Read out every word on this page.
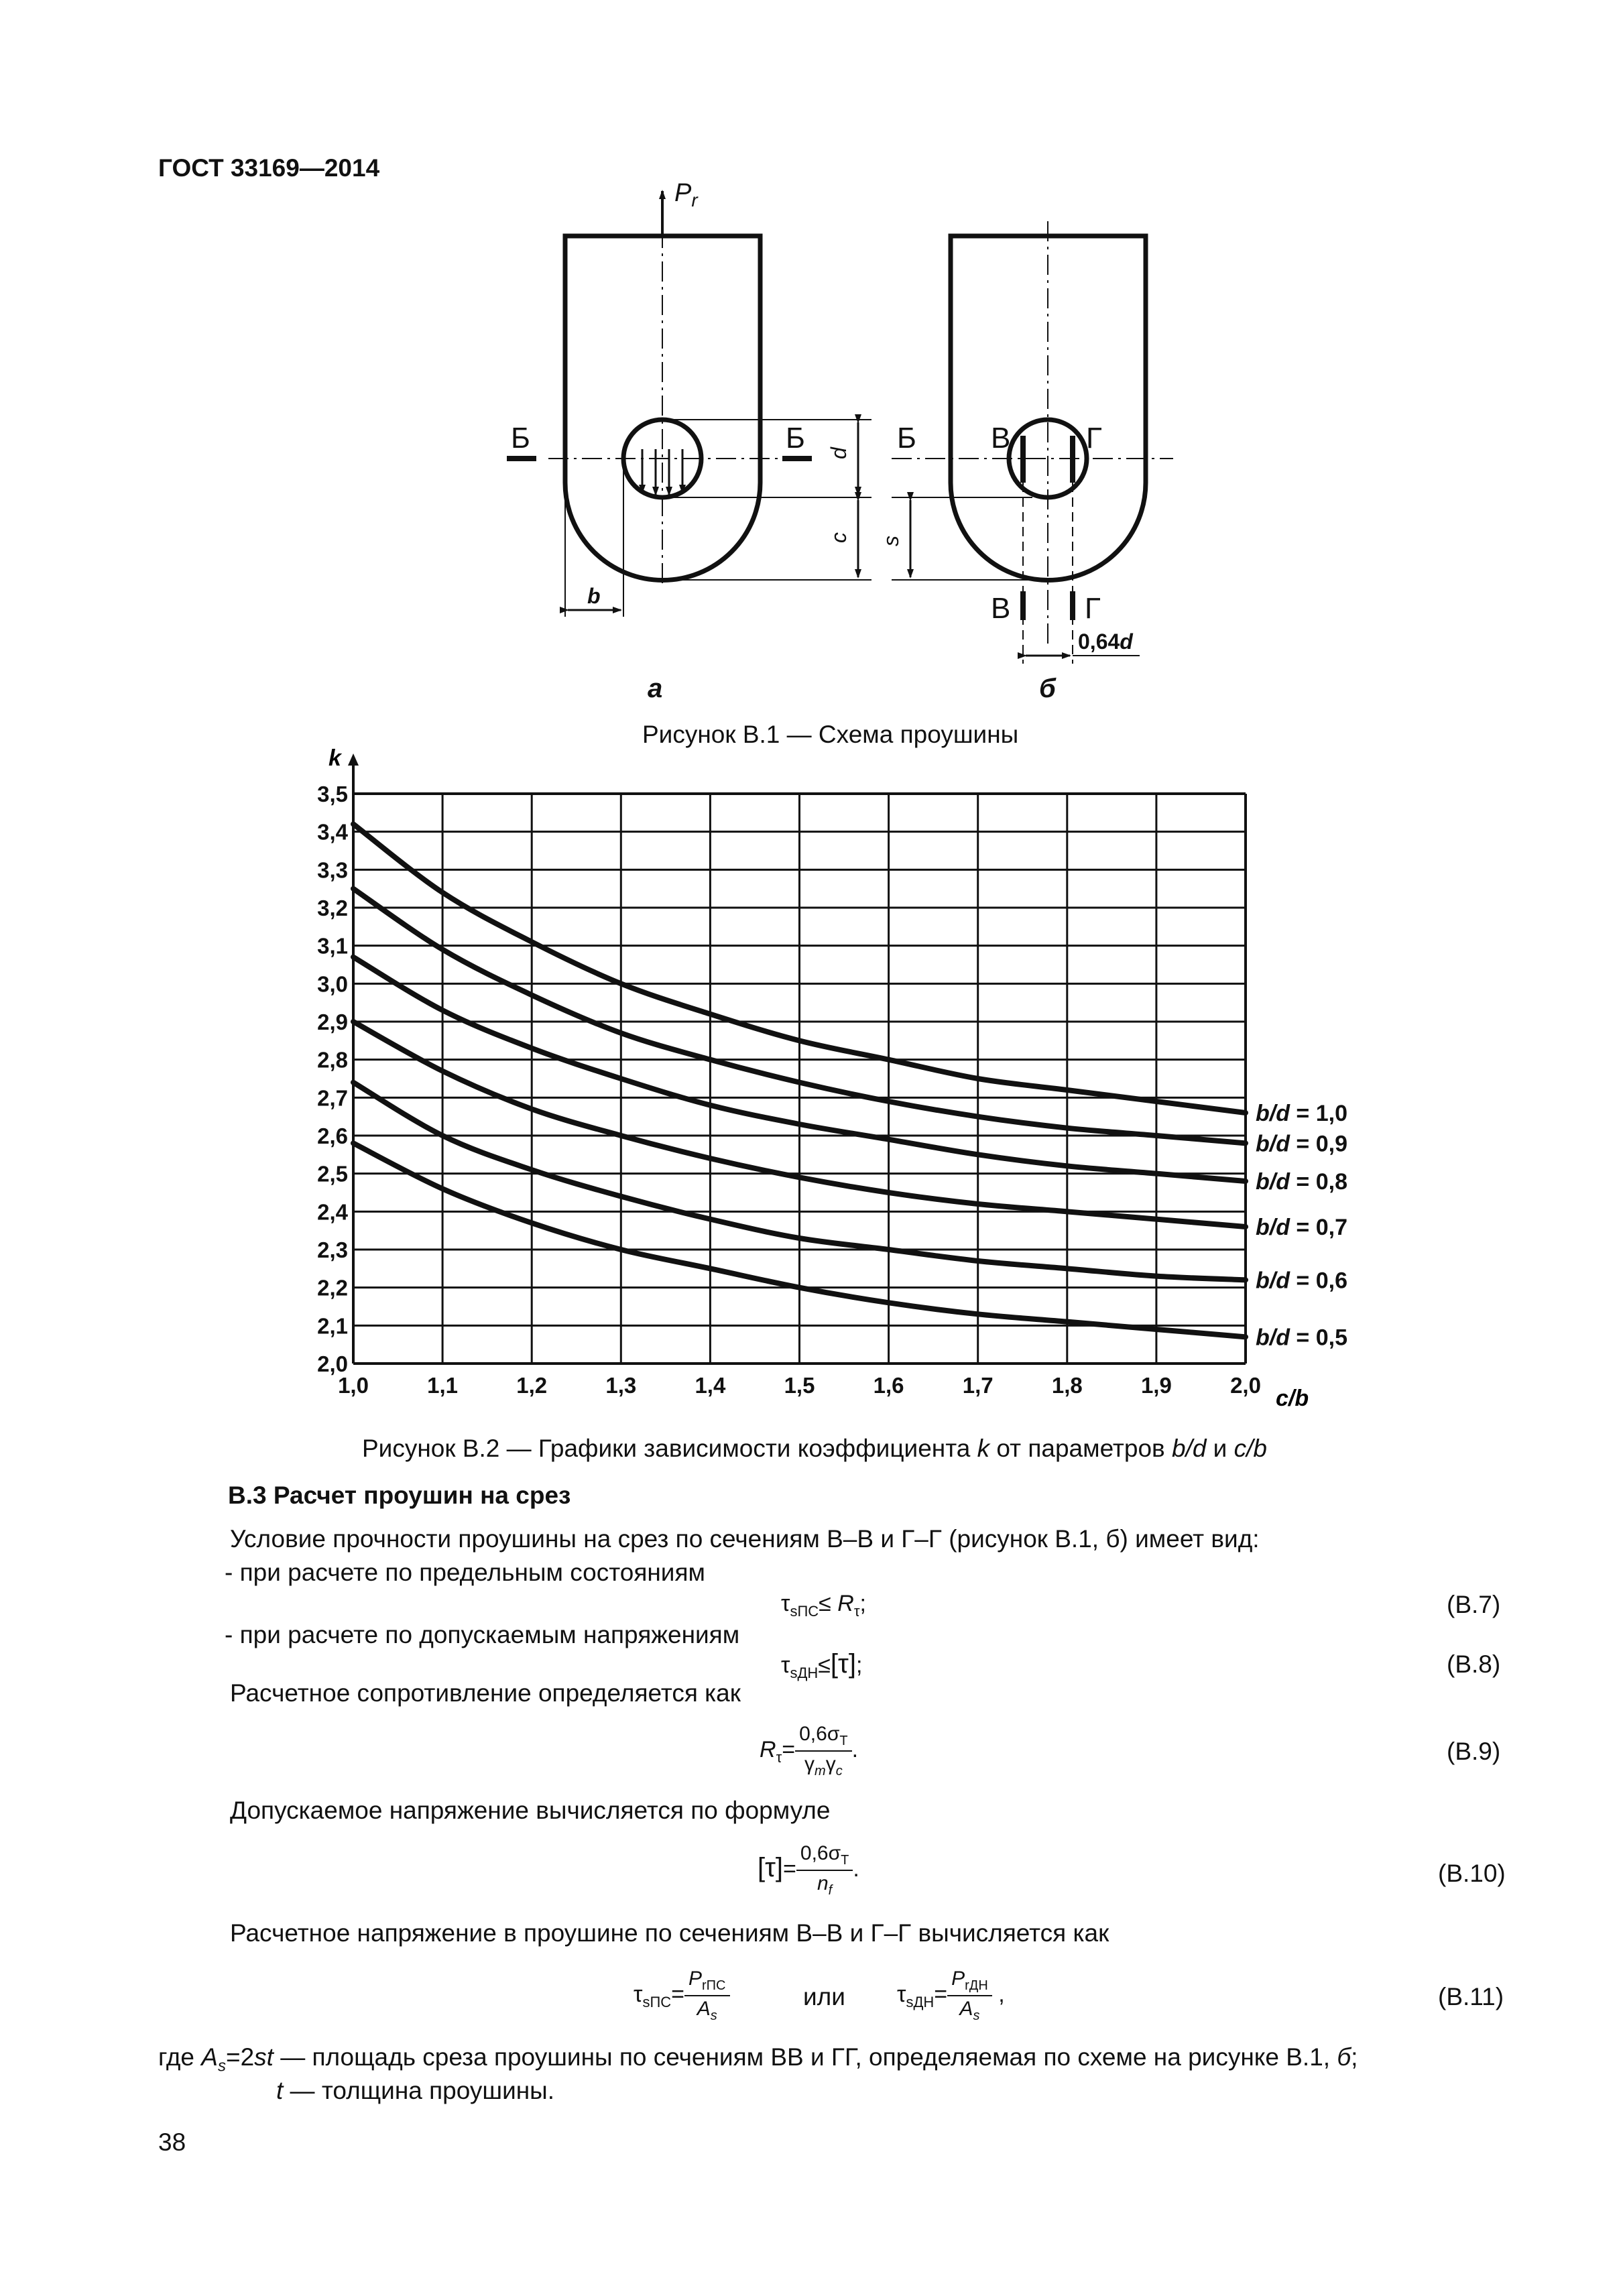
ГОСТ 33169—2014
$P_r$
Б	Б d
c
b
Б	В	Г
s
В	Г
0,64d
а	б
Рисунок В.1 — Схема проушины
2,0
2,1
2,2
2,3
2,4
2,5
2,6
2,7
2,8
2,9
3,0
3,1
3,2
3,3
3,4
3,5
1,0	1,1	1,2	1,3	1,4	1,5	1,6	1,7	1,8	1,9	2,0
b/d = 1,0
b/d = 0,9
b/d = 0,8
b/d = 0,7
b/d = 0,6
b/d = 0,5
k
c/b
Рисунок В.2 — Графики зависимости коэффициента k от параметров b/d и c/b
В.3 Расчет проушин на срез
Условие прочности проушины на срез по сечениям В–В и Г–Г (рисунок В.1, б) имеет вид:
- при расчете по предельным состояниям
$\tau_{sПС}\le R_\tau$;	(В.7)
- при расчете по допускаемым напряжениям
$\tau_{sДН}\le[\tau]$;	(В.8)
Расчетное сопротивление определяется как
$R_\tau= \frac{0,6\sigma_Т}{\gamma_m\gamma_c}$ .	(В.9)
Допускаемое напряжение вычисляется по формуле
$[\tau]= \frac{0,6\sigma_Т}{n_f}$ .	(В.10)
Расчетное напряжение в проушине по сечениям В–В и Г–Г вычисляется как
$\tau_{sПС}= \frac{P_{rПС}}{A_s}$	или $\tau_{sДН}= \frac{P_{rДН}}{A_s}$ ,	(В.11)
где $A_s=2st$ — площадь среза проушины по сечениям ВВ и ГГ, определяемая по схеме на рисунке В.1, б;
t — толщина проушины.
38
